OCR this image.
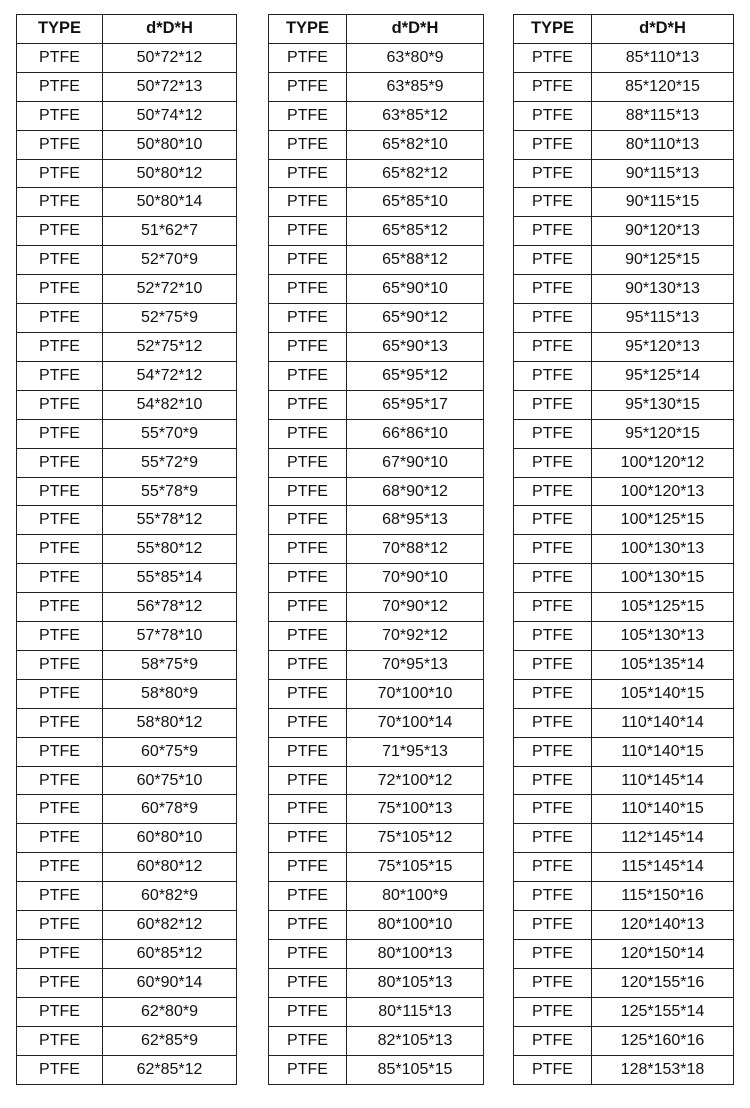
TYPE	d*D*H
PTFE	50*72*12
PTFE	50*72*13
PTFE	50*74*12
PTFE	50*80*10
PTFE	50*80*12
PTFE	50*80*14
PTFE	51*62*7
PTFE	52*70*9
PTFE	52*72*10
PTFE	52*75*9
PTFE	52*75*12
PTFE	54*72*12
PTFE	54*82*10
PTFE	55*70*9
PTFE	55*72*9
PTFE	55*78*9
PTFE	55*78*12
PTFE	55*80*12
PTFE	55*85*14
PTFE	56*78*12
PTFE	57*78*10
PTFE	58*75*9
PTFE	58*80*9
PTFE	58*80*12
PTFE	60*75*9
PTFE	60*75*10
PTFE	60*78*9
PTFE	60*80*10
PTFE	60*80*12
PTFE	60*82*9
PTFE	60*82*12
PTFE	60*85*12
PTFE	60*90*14
PTFE	62*80*9
PTFE	62*85*9
PTFE	62*85*12
TYPE	d*D*H
PTFE	63*80*9
PTFE	63*85*9
PTFE	63*85*12
PTFE	65*82*10
PTFE	65*82*12
PTFE	65*85*10
PTFE	65*85*12
PTFE	65*88*12
PTFE	65*90*10
PTFE	65*90*12
PTFE	65*90*13
PTFE	65*95*12
PTFE	65*95*17
PTFE	66*86*10
PTFE	67*90*10
PTFE	68*90*12
PTFE	68*95*13
PTFE	70*88*12
PTFE	70*90*10
PTFE	70*90*12
PTFE	70*92*12
PTFE	70*95*13
PTFE	70*100*10
PTFE	70*100*14
PTFE	71*95*13
PTFE	72*100*12
PTFE	75*100*13
PTFE	75*105*12
PTFE	75*105*15
PTFE	80*100*9
PTFE	80*100*10
PTFE	80*100*13
PTFE	80*105*13
PTFE	80*115*13
PTFE	82*105*13
PTFE	85*105*15
TYPE	d*D*H
PTFE	85*110*13
PTFE	85*120*15
PTFE	88*115*13
PTFE	80*110*13
PTFE	90*115*13
PTFE	90*115*15
PTFE	90*120*13
PTFE	90*125*15
PTFE	90*130*13
PTFE	95*115*13
PTFE	95*120*13
PTFE	95*125*14
PTFE	95*130*15
PTFE	95*120*15
PTFE	100*120*12
PTFE	100*120*13
PTFE	100*125*15
PTFE	100*130*13
PTFE	100*130*15
PTFE	105*125*15
PTFE	105*130*13
PTFE	105*135*14
PTFE	105*140*15
PTFE	110*140*14
PTFE	110*140*15
PTFE	110*145*14
PTFE	110*140*15
PTFE	112*145*14
PTFE	115*145*14
PTFE	115*150*16
PTFE	120*140*13
PTFE	120*150*14
PTFE	120*155*16
PTFE	125*155*14
PTFE	125*160*16
PTFE	128*153*18
